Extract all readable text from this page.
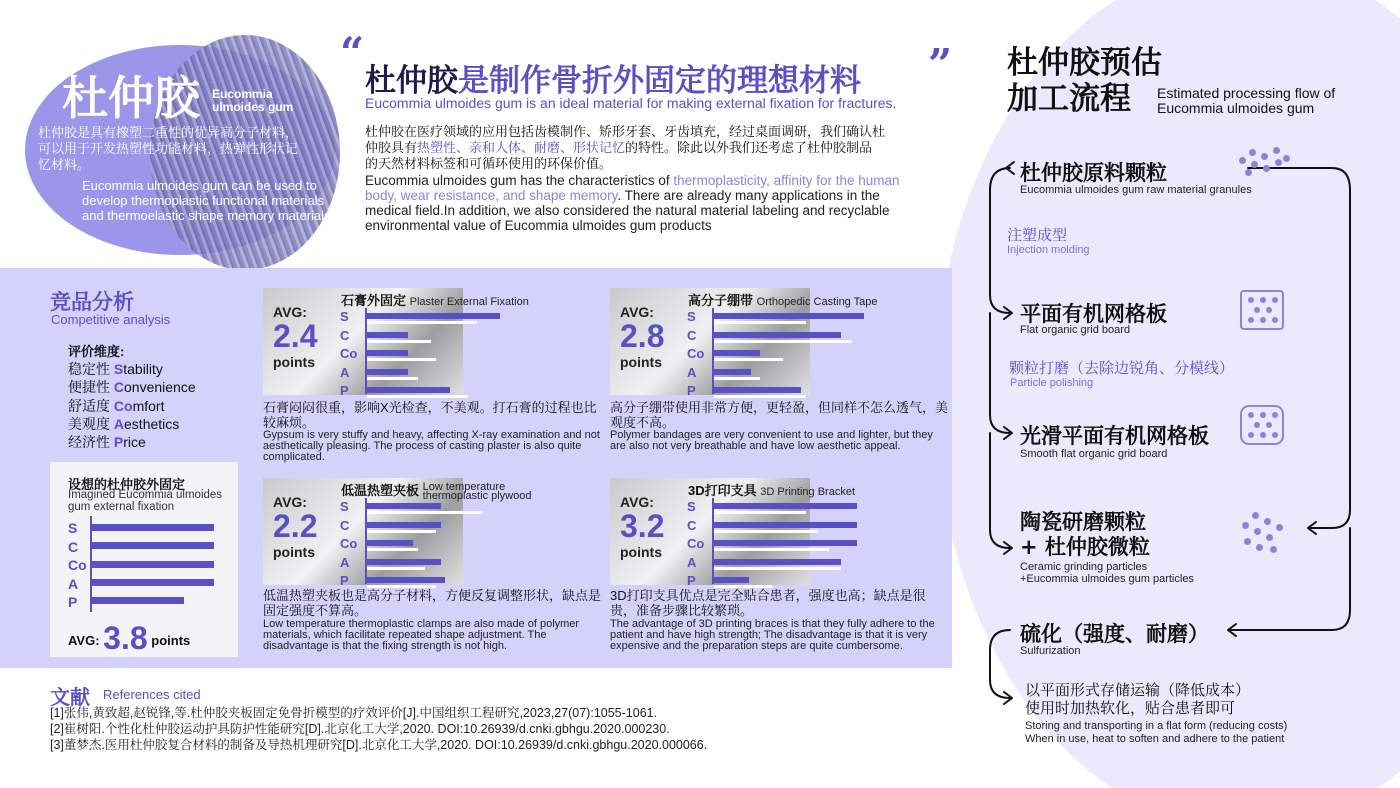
杜仲胶 Eucommia
ulmoides gum
杜仲胶是具有橡塑二重性的优异高分子材料，可以用于开发热塑性功能材料，热弹性形状记忆材料。
Eucommia ulmoides gum can be used to develop thermoplastic functional materials and thermoelastic shape memory materials.
“
杜仲胶是制作骨折外固定的理想材料 ”
Eucommia ulmoides gum is an ideal material for making external fixation for fractures.
杜仲胶在医疗领域的应用包括齿模制作、矫形牙套、牙齿填充，经过桌面调研，我们确认杜仲胶具有热塑性、亲和人体、耐磨、形状记忆的特性。除此以外我们还考虑了杜仲胶制品的天然材料标签和可循环使用的环保价值。
Eucommia ulmoides gum has the characteristics of thermoplasticity, affinity for the human body, wear resistance, and shape memory. There are already many applications in the medical field.In addition, we also considered the natural material labeling and recyclable environmental value of Eucommia ulmoides gum products
竞品分析
Competitive analysis
评价维度:
稳定性 Stability
便捷性 Convenience
舒适度 Comfort
美观度 Aesthetics
经济性 Price
设想的杜仲胶外固定
Imagined Eucommia ulmoides gum external fixation
S
C
Co
A
P
AVG: 3.8 points
石膏外固定 Plaster External Fixation
AVG:
2.4
points
S
C
Co
A
P
石膏闷闷很重，影响X光检查，不美观。打石膏的过程也比较麻烦。
Gypsum is very stuffy and heavy, affecting X-ray examination and not aesthetically pleasing. The process of casting plaster is also quite complicated.
高分子绷带 Orthopedic Casting Tape
AVG:
2.8
points
S
C
Co
A
P
高分子绷带使用非常方便，更轻盈，但同样不怎么透气，美观度不高。
Polymer bandages are very convenient to use and lighter, but they are also not very breathable and have low aesthetic appeal.
低温热塑夹板 Low temperature
thermoplastic plywood
AVG:
2.2
points
S
C
Co
A
P
低温热塑夹板也是高分子材料，方便反复调整形状，缺点是固定强度不算高。
Low temperature thermoplastic clamps are also made of polymer materials, which facilitate repeated shape adjustment. The disadvantage is that the fixing strength is not high.
3D打印支具 3D Printing Bracket
AVG:
3.2
points
S
C
Co
A
P
3D打印支具优点是完全贴合患者，强度也高；缺点是很贵，准备步骤比较繁琐。
The advantage of 3D printing braces is that they fully adhere to the patient and have high strength; The disadvantage is that it is very expensive and the preparation steps are quite cumbersome.
文献 References cited
[1]张伟,黄致超,赵锐锋,等.杜仲胶夹板固定免骨折模型的疗效评价[J].中国组织工程研究,2023,27(07):1055-1061.
[2]崔树阳.个性化杜仲胶运动护具防护性能研究[D].北京化工大学,2020. DOI:10.26939/d.cnki.gbhgu.2020.000230.
[3]董梦杰.医用杜仲胶复合材料的制备及导热机理研究[D].北京化工大学,2020. DOI:10.26939/d.cnki.gbhgu.2020.000066.
杜仲胶预估
加工流程	Estimated processing flow of
Eucommia ulmoides gum
杜仲胶原料颗粒
Eucommia ulmoides gum raw material granules
注塑成型
Injection molding
平面有机网格板
Flat organic grid board
颗粒打磨（去除边锐角、分模线）
Particle polishing
光滑平面有机网格板
Smooth flat organic grid board
陶瓷研磨颗粒
+ 杜仲胶微粒
Ceramic grinding particles
+Eucommia ulmoides gum particles
硫化（强度、耐磨）
Sulfurization
以平面形式存储运输（降低成本）
使用时加热软化，贴合患者即可
Storing and transporting in a flat form (reducing costs)
When in use, heat to soften and adhere to the patient
